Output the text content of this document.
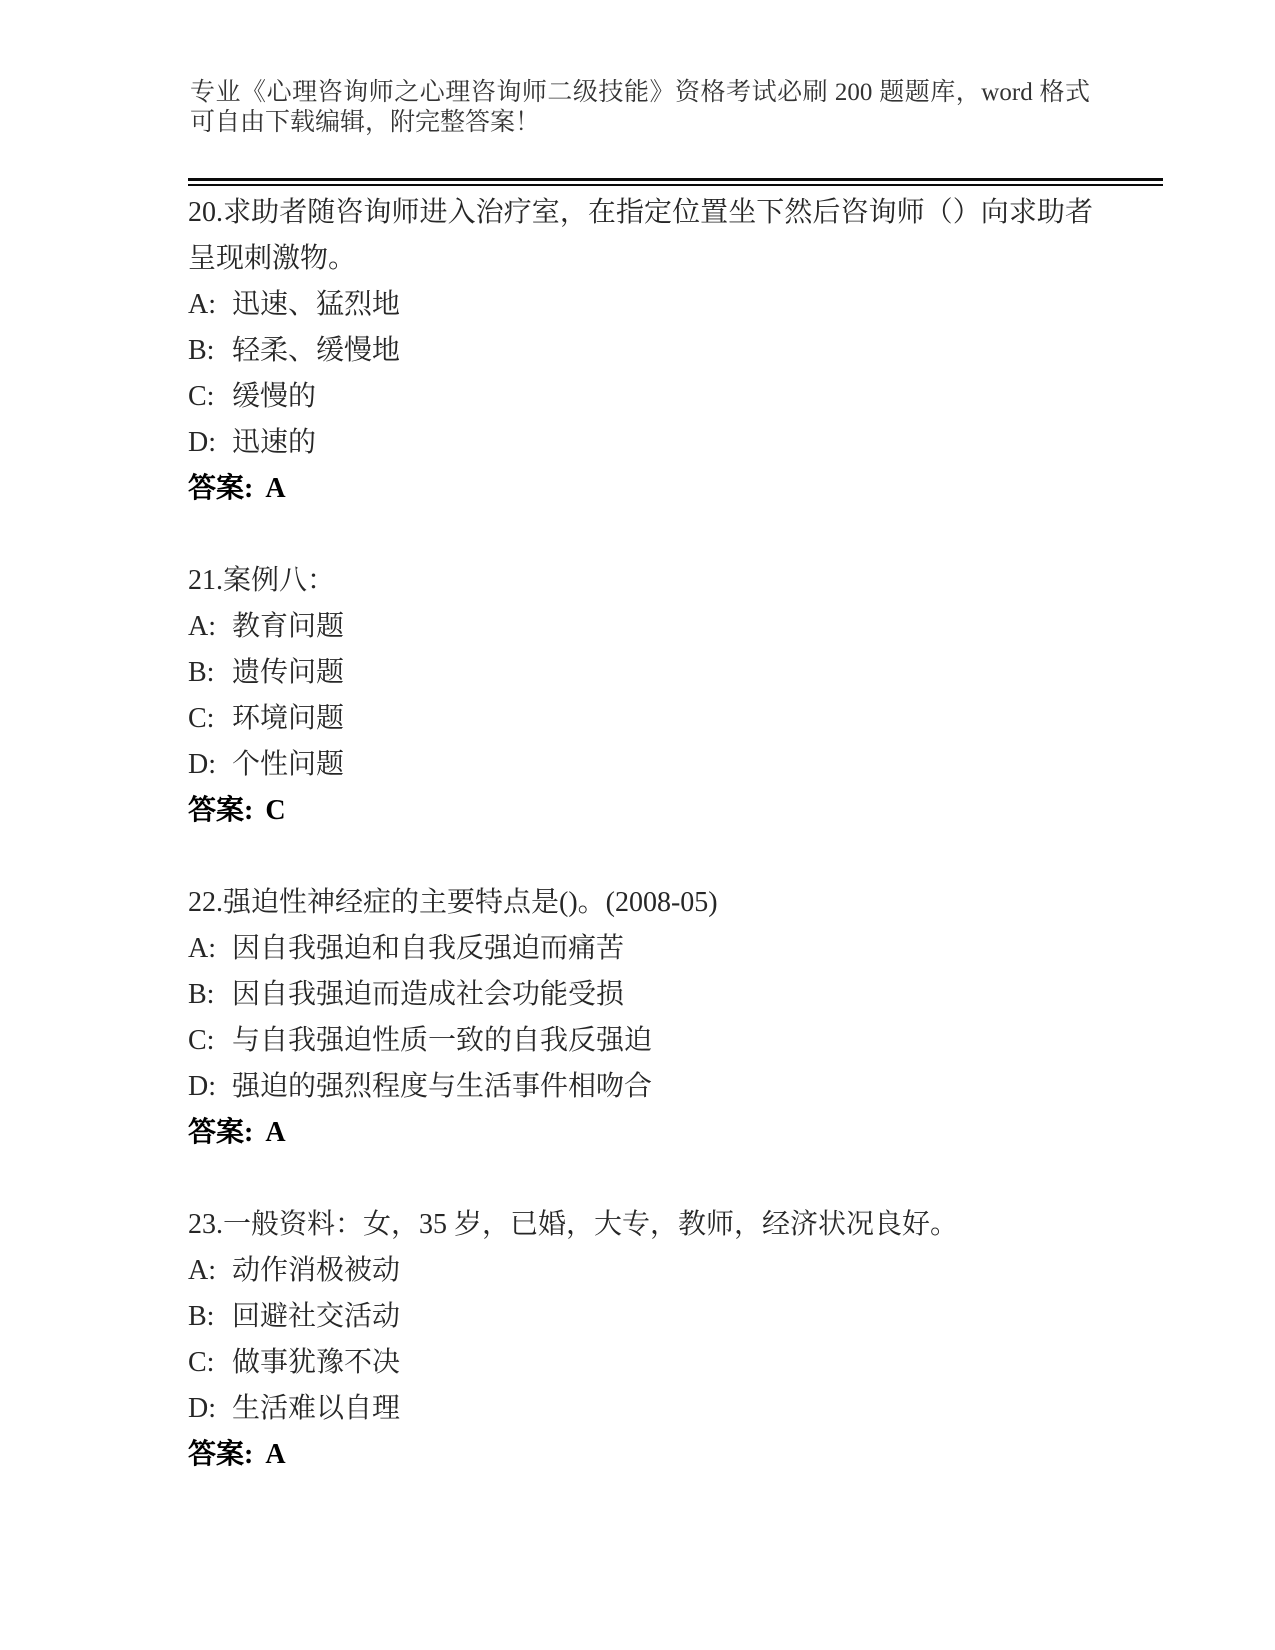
专业《心理咨询师之心理咨询师二级技能》资格考试必刷 200 题题库，word 格式
可自由下载编辑，附完整答案！

20.求助者随咨询师进入治疗室，在指定位置坐下然后咨询师（）向求助者呈现刺激物。

A: 迅速、猛烈地

B: 轻柔、缓慢地

C: 缓慢的

D: 迅速的

答案: A

21.案例八：

A: 教育问题

B: 遗传问题

C: 环境问题

D: 个性问题

答案: C

22.强迫性神经症的主要特点是()。(2008-05)

A: 因自我强迫和自我反强迫而痛苦

B: 因自我强迫而造成社会功能受损

C: 与自我强迫性质一致的自我反强迫

D: 强迫的强烈程度与生活事件相吻合

答案: A

23.一般资料：女，35 岁，已婚，大专，教师，经济状况良好。

A: 动作消极被动

B: 回避社交活动

C: 做事犹豫不决

D: 生活难以自理

答案: A
